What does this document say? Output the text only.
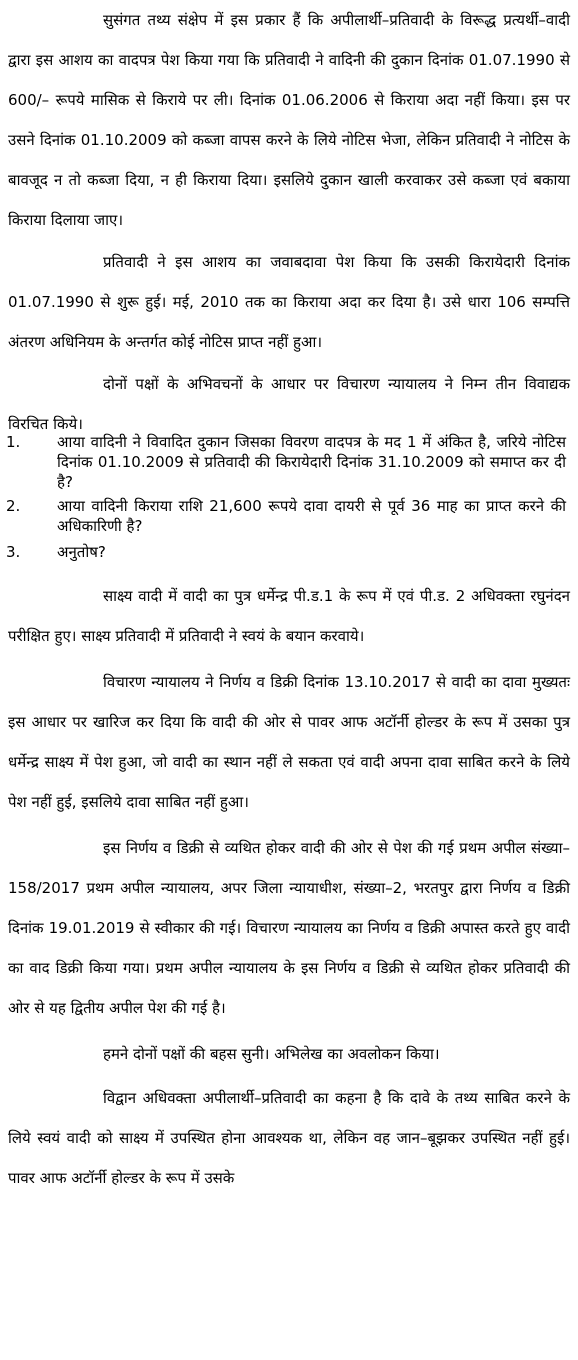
सुसंगत तथ्य संक्षेप में इस प्रकार हैं कि अपीलार्थी–प्रतिवादी के विरूद्ध प्रत्यर्थी–वादी द्वारा इस आशय का वादपत्र पेश किया गया कि प्रतिवादी ने वादिनी की दुकान दिनांक 01.07.1990 से 600/– रूपये मासिक से किराये पर ली। दिनांक 01.06.2006 से किराया अदा नहीं किया। इस पर उसने दिनांक 01.10.2009 को कब्जा वापस करने के लिये नोटिस भेजा, लेकिन प्रतिवादी ने नोटिस के बावजूद न तो कब्जा दिया, न ही किराया दिया। इसलिये दुकान खाली करवाकर उसे कब्जा एवं बकाया किराया दिलाया जाए।

प्रतिवादी ने इस आशय का जवाबदावा पेश किया कि उसकी किरायेदारी दिनांक 01.07.1990 से शुरू हुई। मई, 2010 तक का किराया अदा कर दिया है। उसे धारा 106 सम्पत्ति अंतरण अधिनियम के अन्तर्गत कोई नोटिस प्राप्त नहीं हुआ।

दोनों पक्षों के अभिवचनों के आधार पर विचारण न्यायालय ने निम्न तीन विवाद्यक विरचित किये।

1. आया वादिनी ने विवादित दुकान जिसका विवरण वादपत्र के मद 1 में अंकित है, जरिये नोटिस दिनांक 01.10.2009 से प्रतिवादी की किरायेदारी दिनांक 31.10.2009 को समाप्त कर दी है?
2. आया वादिनी किराया राशि 21,600 रूपये दावा दायरी से पूर्व 36 माह का प्राप्त करने की अधिकारिणी है?
3. अनुतोष?

साक्ष्य वादी में वादी का पुत्र धर्मेन्द्र पी.ड.1 के रूप में एवं पी.ड. 2 अधिवक्ता रघुनंदन परीक्षित हुए। साक्ष्य प्रतिवादी में प्रतिवादी ने स्वयं के बयान करवाये।

विचारण न्यायालय ने निर्णय व डिक्री दिनांक 13.10.2017 से वादी का दावा मुख्यतः इस आधार पर खारिज कर दिया कि वादी की ओर से पावर आफ अटॉर्नी होल्डर के रूप में उसका पुत्र धर्मेन्द्र साक्ष्य में पेश हुआ, जो वादी का स्थान नहीं ले सकता एवं वादी अपना दावा साबित करने के लिये पेश नहीं हुई, इसलिये दावा साबित नहीं हुआ।

इस निर्णय व डिक्री से व्यथित होकर वादी की ओर से पेश की गई प्रथम अपील संख्या–158/2017 प्रथम अपील न्यायालय, अपर जिला न्यायाधीश, संख्या–2, भरतपुर द्वारा निर्णय व डिक्री दिनांक 19.01.2019 से स्वीकार की गई। विचारण न्यायालय का निर्णय व डिक्री अपास्त करते हुए वादी का वाद डिक्री किया गया। प्रथम अपील न्यायालय के इस निर्णय व डिक्री से व्यथित होकर प्रतिवादी की ओर से यह द्वितीय अपील पेश की गई है।

हमने दोनों पक्षों की बहस सुनी। अभिलेख का अवलोकन किया।

विद्वान अधिवक्ता अपीलार्थी–प्रतिवादी का कहना है कि दावे के तथ्य साबित करने के लिये स्वयं वादी को साक्ष्य में उपस्थित होना आवश्यक था, लेकिन वह जान–बूझकर उपस्थित नहीं हुई। पावर आफ अटॉर्नी होल्डर के रूप में उसके
